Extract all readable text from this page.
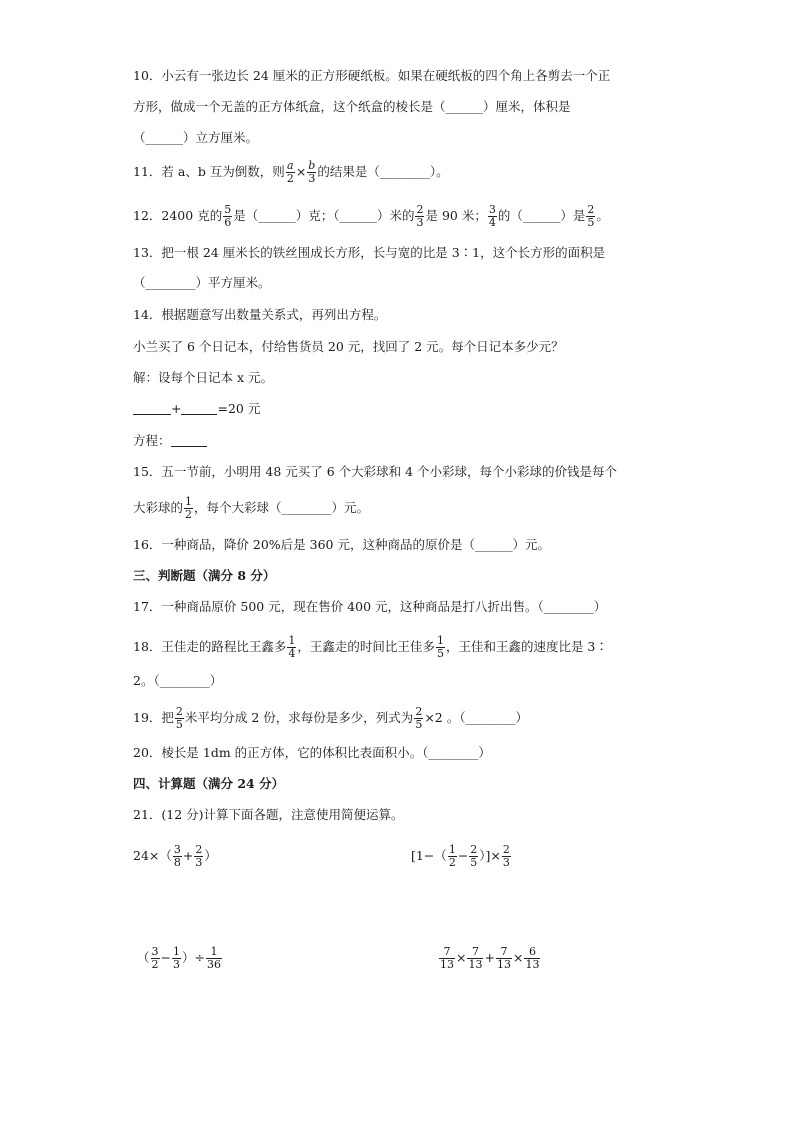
10．小云有一张边长 24 厘米的正方形硬纸板。如果在硬纸板的四个角上各剪去一个正
方形，做成一个无盖的正方体纸盒，这个纸盒的棱长是（______）厘米，体积是
（______）立方厘米。
11．若 a、b 互为倒数，则 $\frac{a}{2} \times \frac{b}{3}$ 的结果是（________）。
12．2400 克的 $\frac{5}{6}$ 是（______）克；（______）米的 $\frac{2}{3}$ 是 90 米； $\frac{3}{4}$ 的（______）是 $\frac{2}{5}$ 。
13．把一根 24 厘米长的铁丝围成长方形，长与宽的比是 3∶1，这个长方形的面积是
（________）平方厘米。
14．根据题意写出数量关系式，再列出方程。
小兰买了 6 个日记本，付给售货员 20 元，找回了 2 元。每个日记本多少元？
解：设每个日记本 x 元。
+	=20 元
方程：
15．五一节前，小明用 48 元买了 6 个大彩球和 4 个小彩球，每个小彩球的价钱是每个
大彩球的 $\frac{1}{2}$ ，每个大彩球（________）元。
16．一种商品，降价 20%后是 360 元，这种商品的原价是（______）元。
三、判断题（满分 8 分）
17．一种商品原价 500 元，现在售价 400 元，这种商品是打八折出售。（________）
18．王佳走的路程比王鑫多 $\frac{1}{4}$ ，王鑫走的时间比王佳多 $\frac{1}{5}$ ，王佳和王鑫的速度比是 3∶
2。（________）
19．把 $\frac{2}{5}$ 米平均分成 2 份，求每份是多少，列式为 $\frac{2}{5} \times 2$ 。（________）
20．棱长是 1dm 的正方体，它的体积比表面积小。（________）
四、计算题（满分 24 分）
21．(12 分)计算下面各题，注意使用简便运算。
$24\times( \frac{3}{8} + \frac{2}{3}$ ）	[$1-( \frac{1}{2} - \frac{2}{5}$ ）]× $\frac{2}{3}$
（ $\frac{3}{2} - \frac{1}{3}$ ）÷ $\frac{1}{36}$	$\frac{7}{13} \times \frac{7}{13} + \frac{7}{13} \times \frac{6}{13}$
